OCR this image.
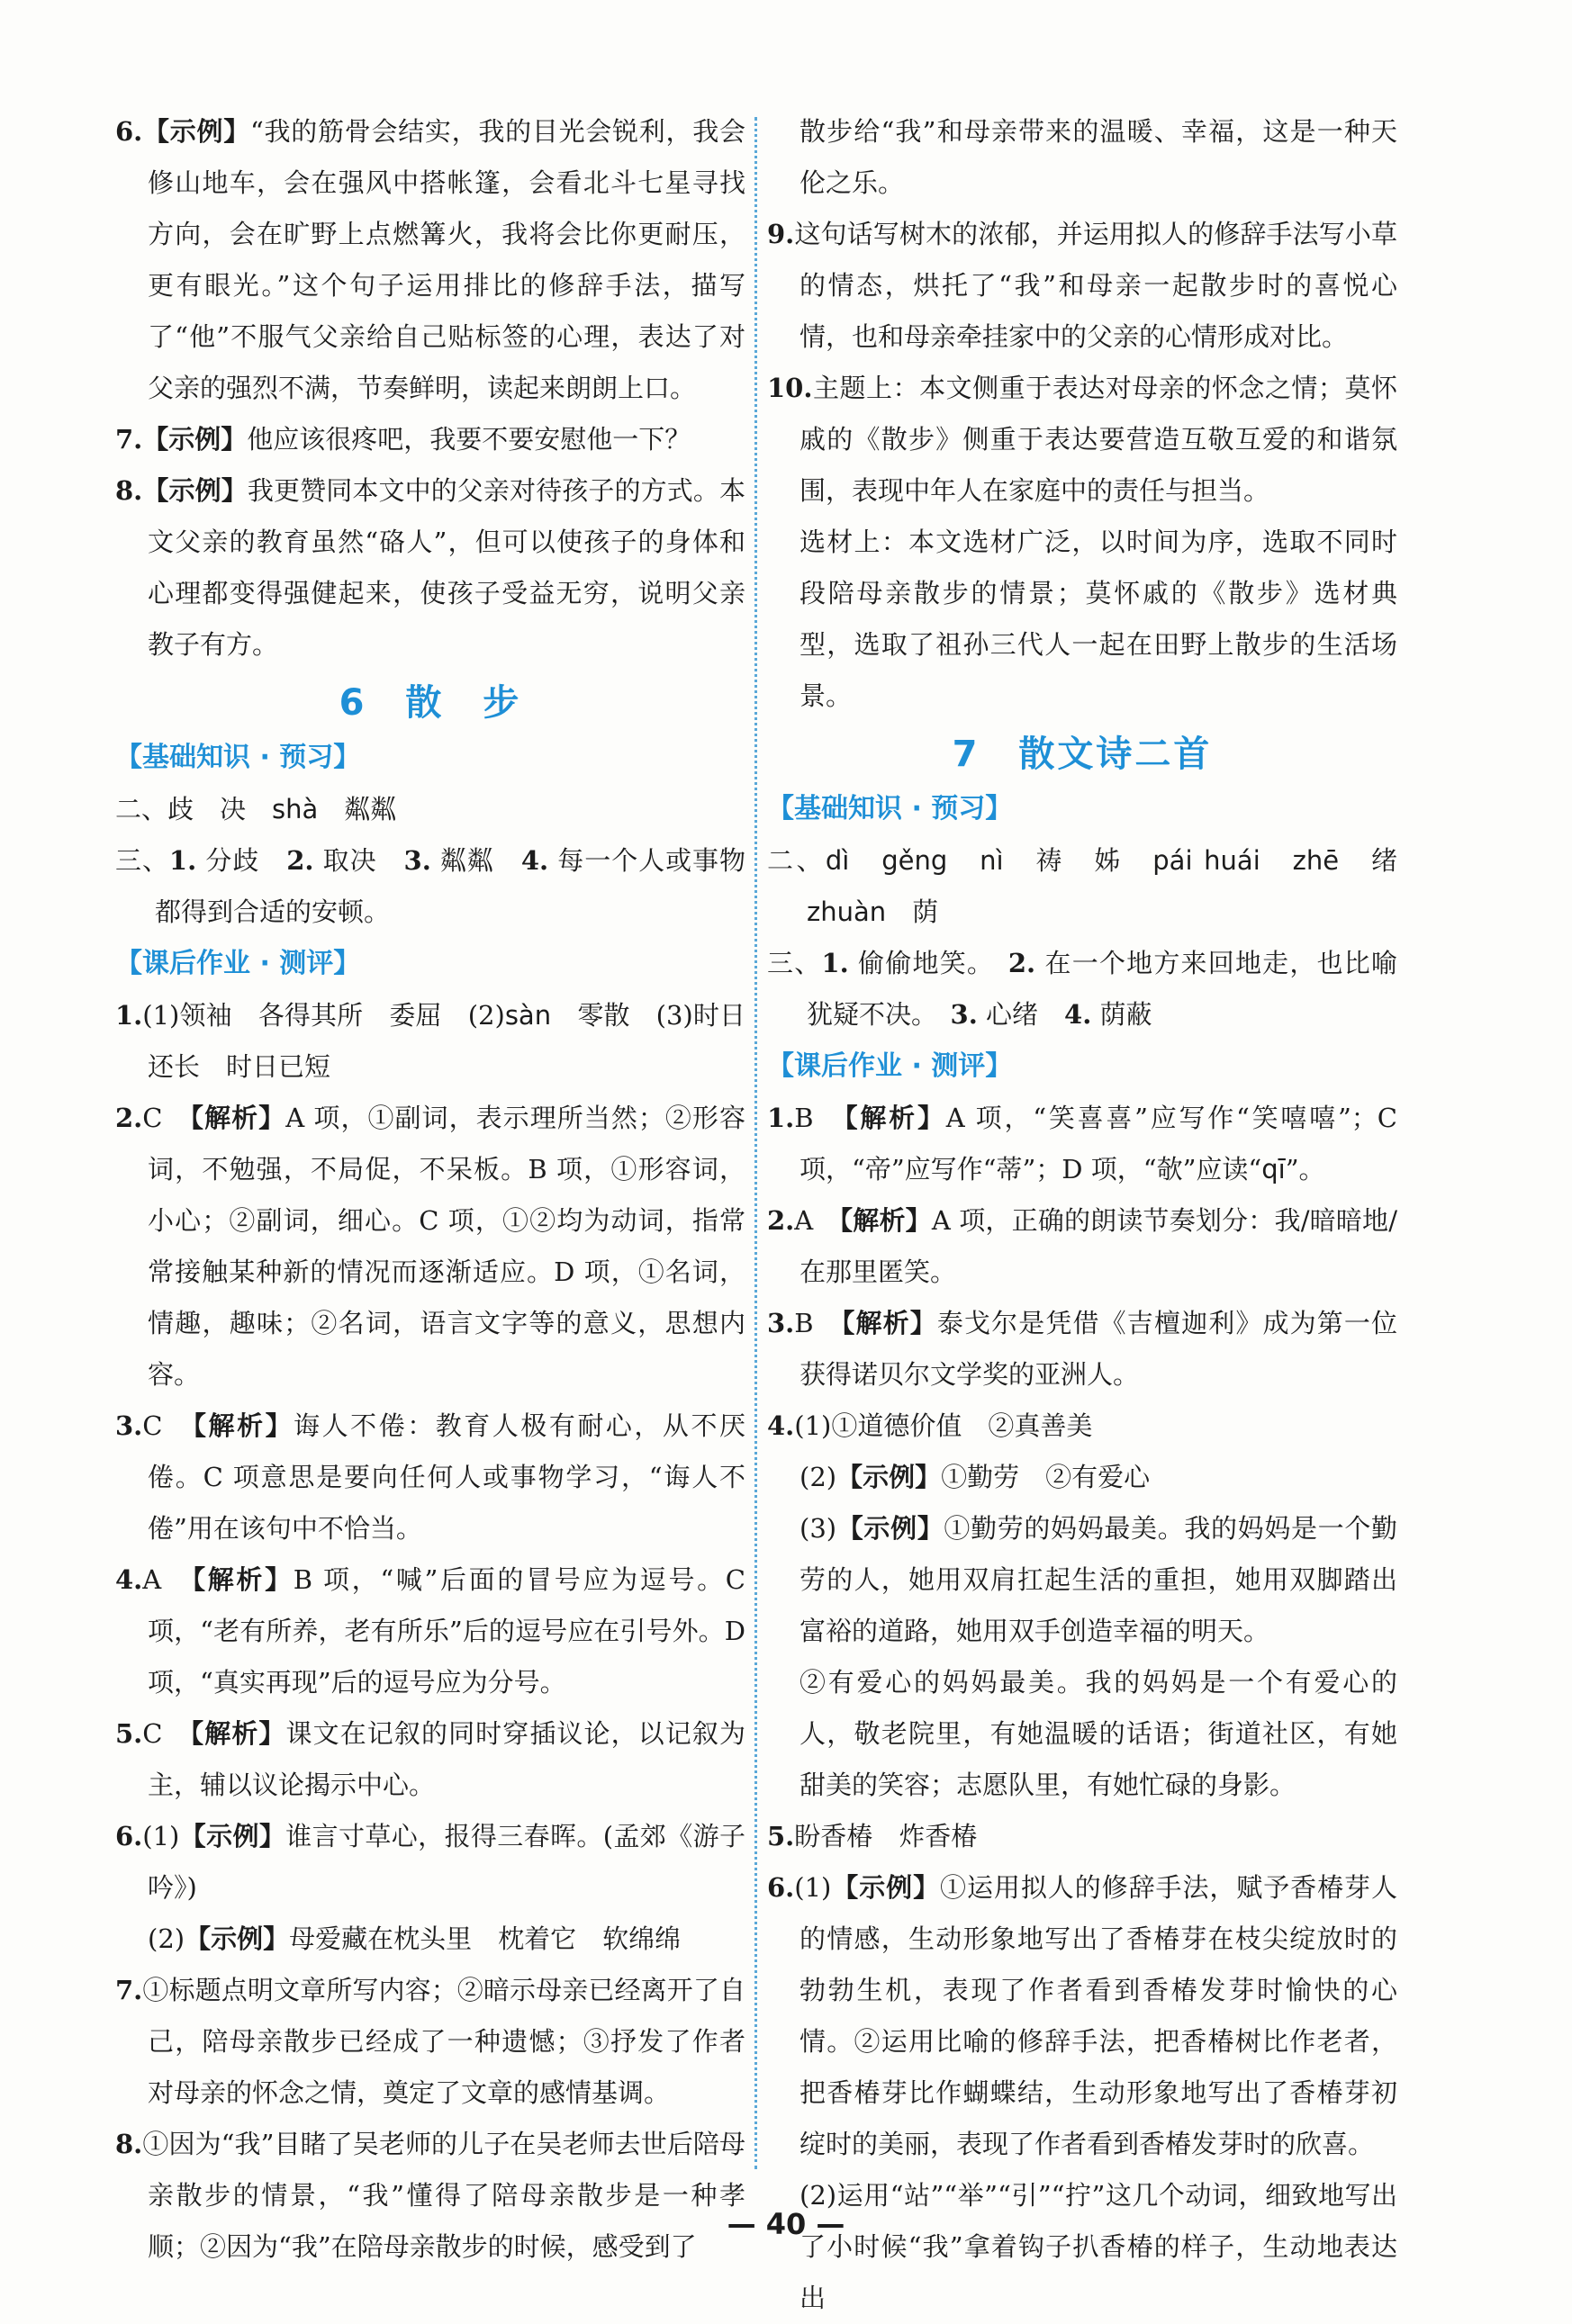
6.【示例】“我的筋骨会结实，我的目光会锐利，我会修山地车，会在强风中搭帐篷，会看北斗七星寻找方向，会在旷野上点燃篝火，我将会比你更耐压，更有眼光。”这个句子运用排比的修辞手法，描写了“他”不服气父亲给自己贴标签的心理，表达了对父亲的强烈不满，节奏鲜明，读起来朗朗上口。

7.【示例】他应该很疼吧，我要不要安慰他一下？

8.【示例】我更赞同本文中的父亲对待孩子的方式。本文父亲的教育虽然“硌人”，但可以使孩子的身体和心理都变得强健起来，使孩子受益无穷，说明父亲教子有方。

6　散　步
【基础知识 · 预习】

二、歧　决　shà　粼粼

三、1. 分歧　2. 取决　3. 粼粼　4. 每一个人或事物都得到合适的安顿。

【课后作业 · 测评】

1.(1)领袖　各得其所　委屈　(2)sàn　零散　(3)时日还长　时日已短

2.C　【解析】A 项，①副词，表示理所当然；②形容词，不勉强，不局促，不呆板。B 项，①形容词，小心；②副词，细心。C 项，①②均为动词，指常常接触某种新的情况而逐渐适应。D 项，①名词，情趣，趣味；②名词，语言文字等的意义，思想内容。

3.C　【解析】诲人不倦：教育人极有耐心，从不厌倦。C 项意思是要向任何人或事物学习，“诲人不倦”用在该句中不恰当。

4.A　【解析】B 项，“喊”后面的冒号应为逗号。C 项，“老有所养，老有所乐”后的逗号应在引号外。D 项，“真实再现”后的逗号应为分号。

5.C　【解析】课文在记叙的同时穿插议论，以记叙为主，辅以议论揭示中心。

6.(1)【示例】谁言寸草心，报得三春晖。(孟郊《游子吟》)

(2)【示例】母爱藏在枕头里　枕着它　软绵绵

7.①标题点明文章所写内容；②暗示母亲已经离开了自己，陪母亲散步已经成了一种遗憾；③抒发了作者对母亲的怀念之情，奠定了文章的感情基调。

8.①因为“我”目睹了吴老师的儿子在吴老师去世后陪母亲散步的情景，“我”懂得了陪母亲散步是一种孝顺；②因为“我”在陪母亲散步的时候，感受到了

散步给“我”和母亲带来的温暖、幸福，这是一种天伦之乐。

9.这句话写树木的浓郁，并运用拟人的修辞手法写小草的情态，烘托了“我”和母亲一起散步时的喜悦心情，也和母亲牵挂家中的父亲的心情形成对比。

10.主题上：本文侧重于表达对母亲的怀念之情；莫怀戚的《散步》侧重于表达要营造互敬互爱的和谐氛围，表现中年人在家庭中的责任与担当。

选材上：本文选材广泛，以时间为序，选取不同时段陪母亲散步的情景；莫怀戚的《散步》选材典型，选取了祖孙三代人一起在田野上散步的生活场景。

7　散文诗二首
【基础知识 · 预习】

二、dì　gěng　nì　祷　姊　pái huái　zhē　绪　zhuàn　荫

三、1. 偷偷地笑。　2. 在一个地方来回地走，也比喻犹疑不决。　3. 心绪　4. 荫蔽

【课后作业 · 测评】

1.B　【解析】A 项，“笑喜喜”应写作“笑嘻嘻”；C 项，“帝”应写作“蒂”；D 项，“欹”应读“qī”。

2.A　【解析】A 项，正确的朗读节奏划分：我/暗暗地/在那里匿笑。

3.B　【解析】泰戈尔是凭借《吉檀迦利》成为第一位获得诺贝尔文学奖的亚洲人。

4.(1)①道德价值　②真善美

(2)【示例】①勤劳　②有爱心

(3)【示例】①勤劳的妈妈最美。我的妈妈是一个勤劳的人，她用双肩扛起生活的重担，她用双脚踏出富裕的道路，她用双手创造幸福的明天。

②有爱心的妈妈最美。我的妈妈是一个有爱心的人，敬老院里，有她温暖的话语；街道社区，有她甜美的笑容；志愿队里，有她忙碌的身影。

5.盼香椿　炸香椿

6.(1)【示例】①运用拟人的修辞手法，赋予香椿芽人的情感，生动形象地写出了香椿芽在枝尖绽放时的勃勃生机，表现了作者看到香椿发芽时愉快的心情。②运用比喻的修辞手法，把香椿树比作老者，把香椿芽比作蝴蝶结，生动形象地写出了香椿芽初绽时的美丽，表现了作者看到香椿发芽时的欣喜。

(2)运用“站”“举”“引”“拧”这几个动词，细致地写出了小时候“我”拿着钩子扒香椿的样子，生动地表达出

— 40 —
